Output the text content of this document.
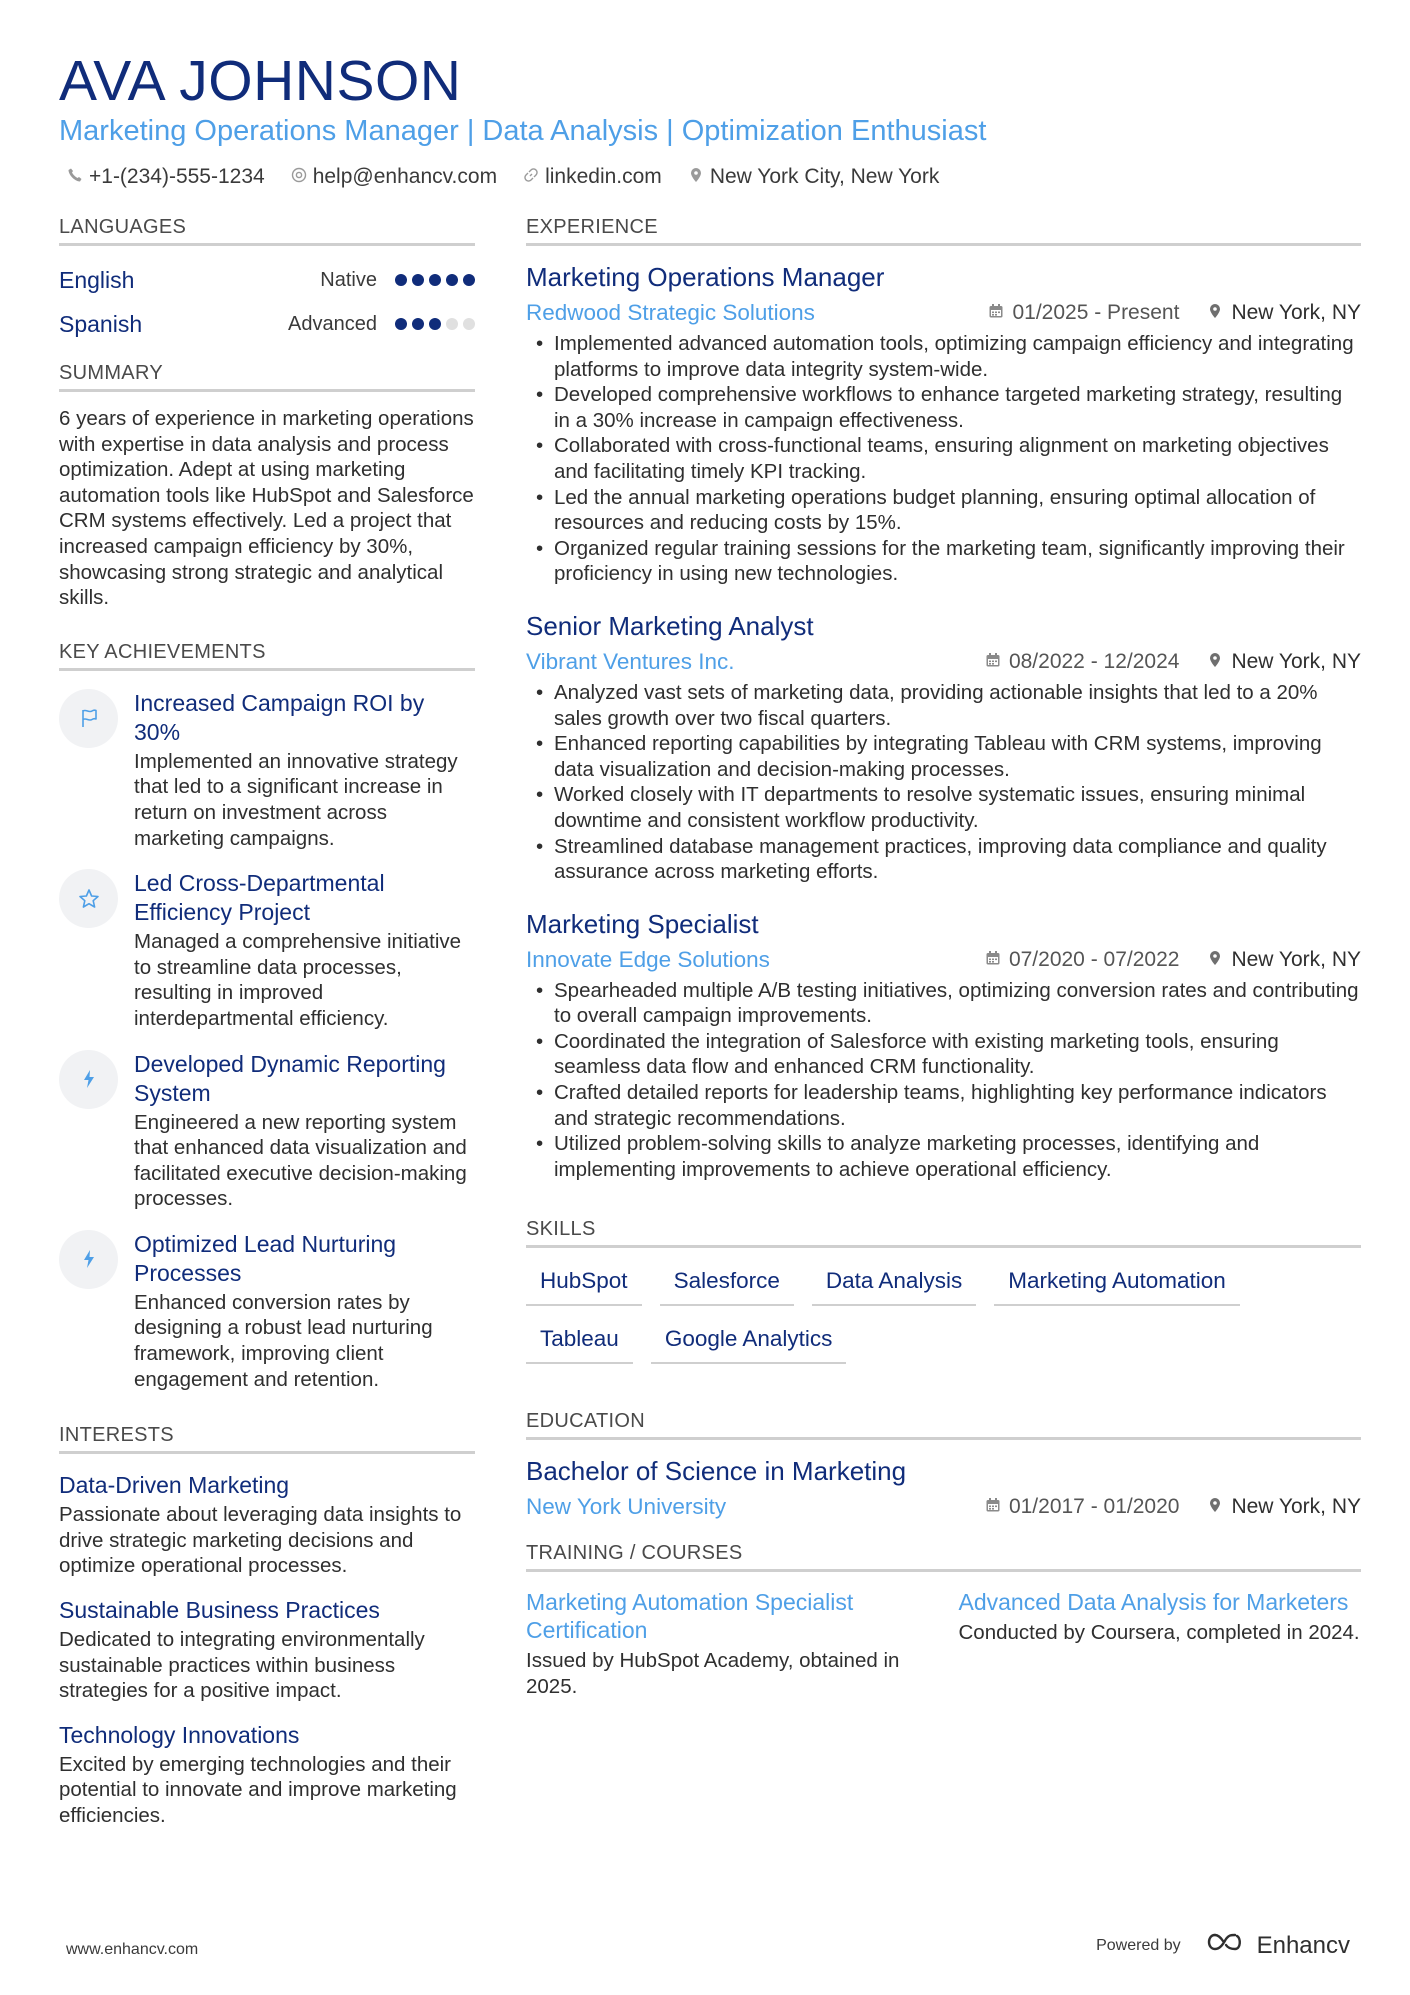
AVA JOHNSON
Marketing Operations Manager | Data Analysis | Optimization Enthusiast
+1-(234)-555-1234 help@enhancv.com linkedin.com New York City, New York
LANGUAGES
English	Native
Spanish	Advanced
SUMMARY
6 years of experience in marketing operations with expertise in data analysis and process optimization. Adept at using marketing automation tools like HubSpot and Salesforce CRM systems effectively. Led a project that increased campaign efficiency by 30%, showcasing strong strategic and analytical skills.
KEY ACHIEVEMENTS
Increased Campaign ROI by 30%
Implemented an innovative strategy that led to a significant increase in return on investment across marketing campaigns.
Led Cross-Departmental Efficiency Project
Managed a comprehensive initiative to streamline data processes, resulting in improved interdepartmental efficiency.
Developed Dynamic Reporting System
Engineered a new reporting system that enhanced data visualization and facilitated executive decision-making processes.
Optimized Lead Nurturing Processes
Enhanced conversion rates by designing a robust lead nurturing framework, improving client engagement and retention.
INTERESTS
Data-Driven Marketing
Passionate about leveraging data insights to drive strategic marketing decisions and optimize operational processes.
Sustainable Business Practices
Dedicated to integrating environmentally sustainable practices within business strategies for a positive impact.
Technology Innovations
Excited by emerging technologies and their potential to innovate and improve marketing efficiencies.
EXPERIENCE
Marketing Operations Manager
Redwood Strategic Solutions	01/2025 - Present New York, NY
• Implemented advanced automation tools, optimizing campaign efficiency and integrating platforms to improve data integrity system-wide.
• Developed comprehensive workflows to enhance targeted marketing strategy, resulting in a 30% increase in campaign effectiveness.
• Collaborated with cross-functional teams, ensuring alignment on marketing objectives and facilitating timely KPI tracking.
• Led the annual marketing operations budget planning, ensuring optimal allocation of resources and reducing costs by 15%.
• Organized regular training sessions for the marketing team, significantly improving their proficiency in using new technologies.
Senior Marketing Analyst
Vibrant Ventures Inc.	08/2022 - 12/2024 New York, NY
• Analyzed vast sets of marketing data, providing actionable insights that led to a 20% sales growth over two fiscal quarters.
• Enhanced reporting capabilities by integrating Tableau with CRM systems, improving data visualization and decision-making processes.
• Worked closely with IT departments to resolve systematic issues, ensuring minimal downtime and consistent workflow productivity.
• Streamlined database management practices, improving data compliance and quality assurance across marketing efforts.
Marketing Specialist
Innovate Edge Solutions	07/2020 - 07/2022 New York, NY
• Spearheaded multiple A/B testing initiatives, optimizing conversion rates and contributing to overall campaign improvements.
• Coordinated the integration of Salesforce with existing marketing tools, ensuring seamless data flow and enhanced CRM functionality.
• Crafted detailed reports for leadership teams, highlighting key performance indicators and strategic recommendations.
• Utilized problem-solving skills to analyze marketing processes, identifying and implementing improvements to achieve operational efficiency.
SKILLS
HubSpot	Salesforce	Data Analysis	Marketing Automation
Tableau	Google Analytics
EDUCATION
Bachelor of Science in Marketing
New York University	01/2017 - 01/2020 New York, NY
TRAINING / COURSES
Marketing Automation Specialist Certification
Issued by HubSpot Academy, obtained in 2025.
Advanced Data Analysis for Marketers
Conducted by Coursera, completed in 2024.
www.enhancv.com	Powered by	Enhancv
